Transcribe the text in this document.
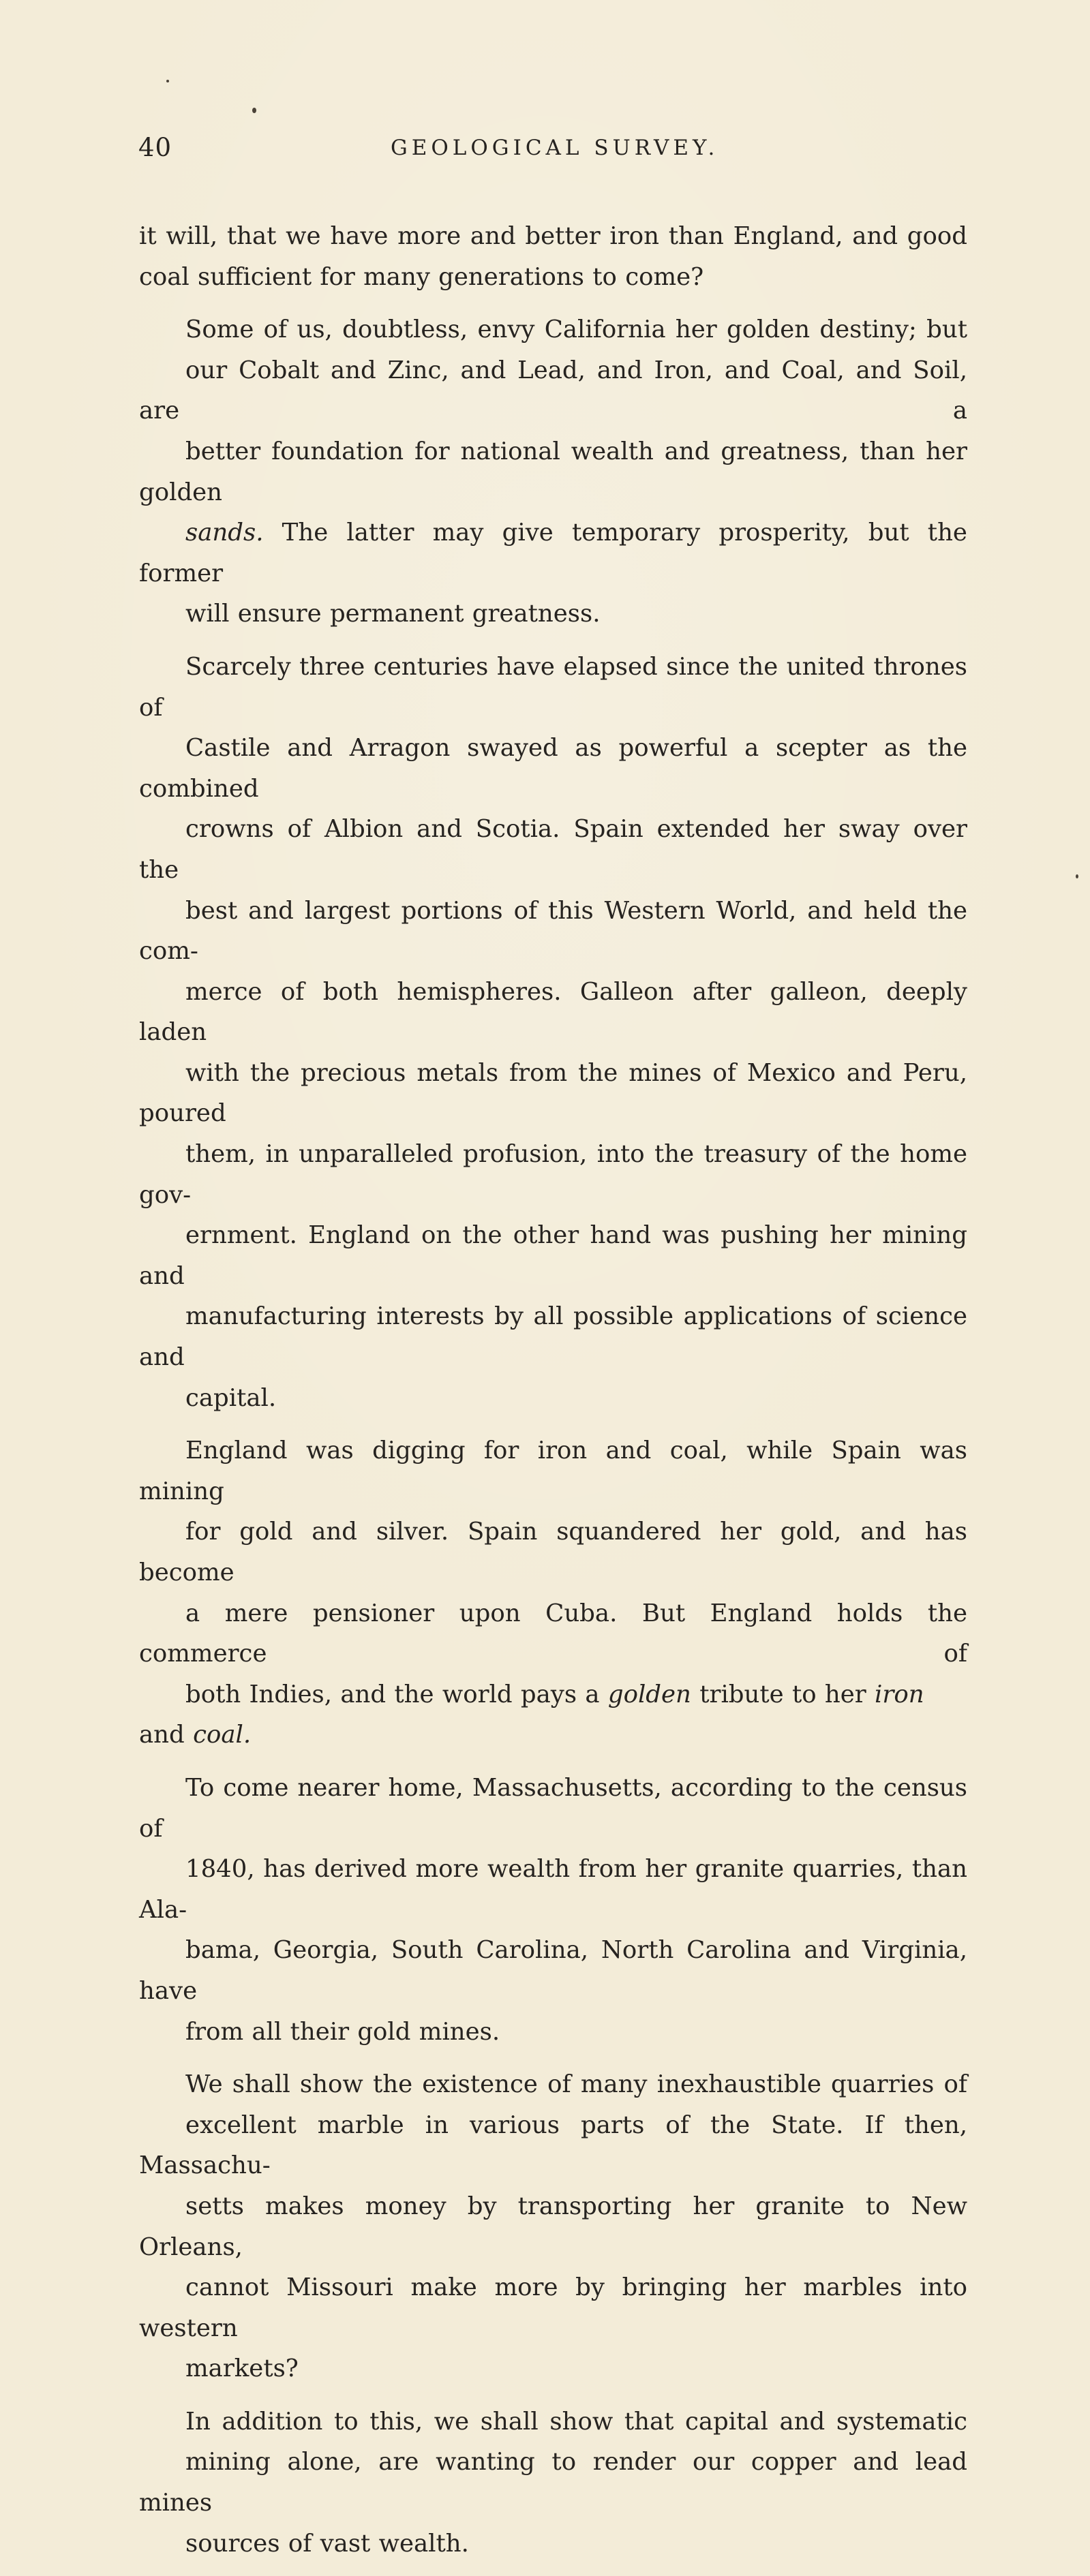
40	GEOLOGICAL SURVEY.

it will, that we have more and better iron than England, and good
coal sufficient for many generations to come?

Some of us, doubtless, envy California her golden destiny; but
our Cobalt and Zinc, and Lead, and Iron, and Coal, and Soil, are a
better foundation for national wealth and greatness, than her golden
sands. The latter may give temporary prosperity, but the former
will ensure permanent greatness.

Scarcely three centuries have elapsed since the united thrones of
Castile and Arragon swayed as powerful a scepter as the combined
crowns of Albion and Scotia. Spain extended her sway over the
best and largest portions of this Western World, and held the com-
merce of both hemispheres. Galleon after galleon, deeply laden
with the precious metals from the mines of Mexico and Peru, poured
them, in unparalleled profusion, into the treasury of the home gov-
ernment. England on the other hand was pushing her mining and
manufacturing interests by all possible applications of science and
capital.

England was digging for iron and coal, while Spain was mining
for gold and silver. Spain squandered her gold, and has become
a mere pensioner upon Cuba. But England holds the commerce of
both Indies, and the world pays a golden tribute to her iron and coal.

To come nearer home, Massachusetts, according to the census of
1840, has derived more wealth from her granite quarries, than Ala-
bama, Georgia, South Carolina, North Carolina and Virginia, have
from all their gold mines.

We shall show the existence of many inexhaustible quarries of
excellent marble in various parts of the State. If then, Massachu-
setts makes money by transporting her granite to New Orleans,
cannot Missouri make more by bringing her marbles into western
markets?

In addition to this, we shall show that capital and systematic
mining alone, are wanting to render our copper and lead mines
sources of vast wealth.
